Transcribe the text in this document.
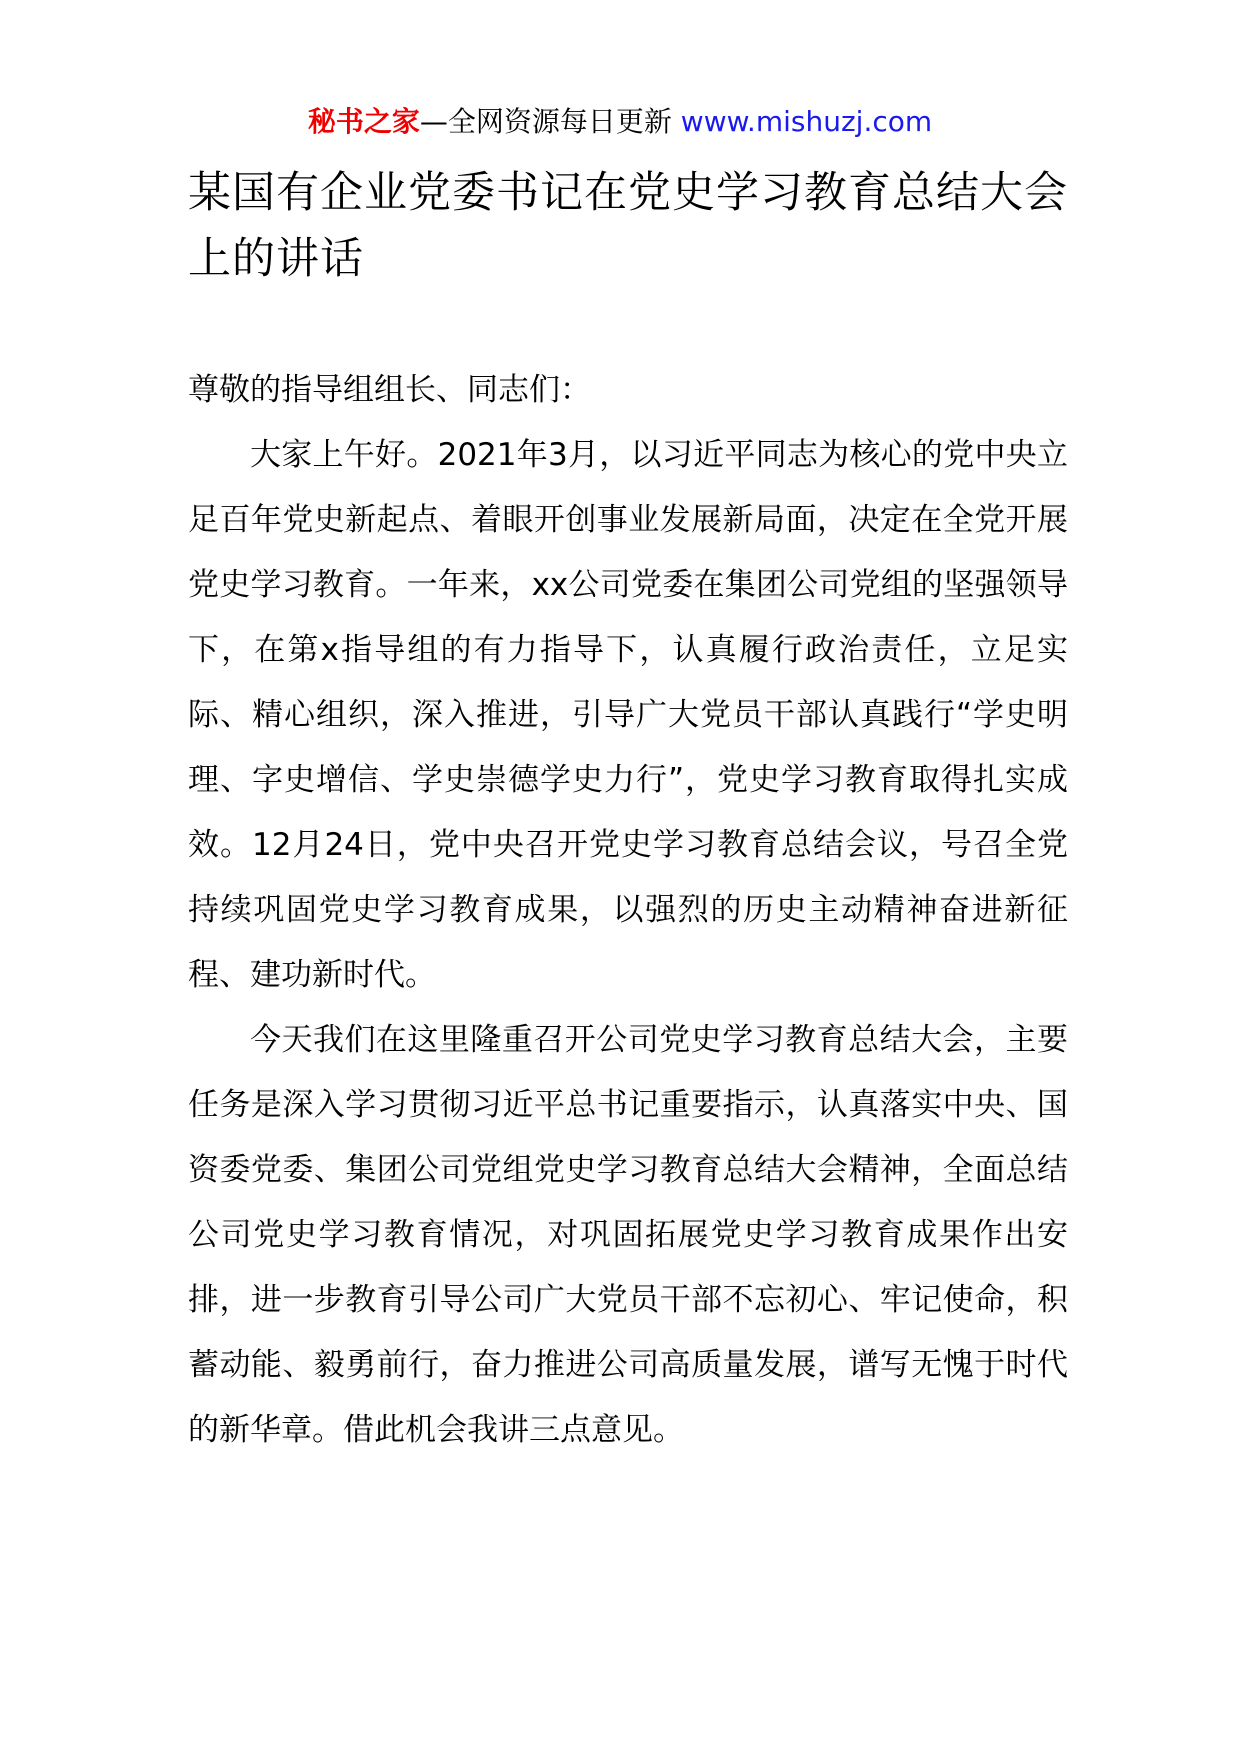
秘书之家—全网资源每日更新 www.mishuzj.com
某国有企业党委书记在党史学习教育总结大会上的讲话

尊敬的指导组组长、同志们：

大家上午好。2021年3月，以习近平同志为核心的党中央立足百年党史新起点、着眼开创事业发展新局面，决定在全党开展党史学习教育。一年来，xx公司党委在集团公司党组的坚强领导下，在第x指导组的有力指导下，认真履行政治责任，立足实际、精心组织，深入推进，引导广大党员干部认真践行“学史明理、字史增信、学史崇德学史力行”，党史学习教育取得扎实成效。12月24日，党中央召开党史学习教育总结会议，号召全党持续巩固党史学习教育成果，以强烈的历史主动精神奋进新征程、建功新时代。

今天我们在这里隆重召开公司党史学习教育总结大会，主要任务是深入学习贯彻习近平总书记重要指示，认真落实中央、国资委党委、集团公司党组党史学习教育总结大会精神，全面总结公司党史学习教育情况，对巩固拓展党史学习教育成果作出安排，进一步教育引导公司广大党员干部不忘初心、牢记使命，积蓄动能、毅勇前行，奋力推进公司高质量发展，谱写无愧于时代的新华章。借此机会我讲三点意见。
